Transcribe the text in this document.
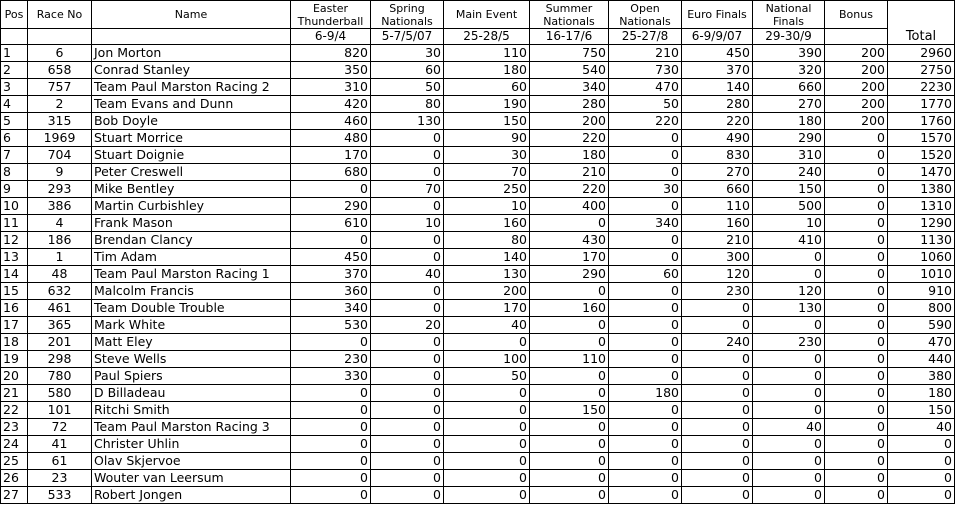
Pos	Race No	Name	Easter Thunderball	Spring Nationals	Main Event	Summer Nationals	Open Nationals	Euro Finals	National Finals	Bonus	Total
			6-9/4	5-7/5/07	25-28/5	16-17/6	25-27/8	6-9/9/07	29-30/9		
1	6	Jon Morton	820	30	110	750	210	450	390	200	2960
2	658	Conrad Stanley	350	60	180	540	730	370	320	200	2750
3	757	Team Paul Marston Racing 2	310	50	60	340	470	140	660	200	2230
4	2	Team Evans and Dunn	420	80	190	280	50	280	270	200	1770
5	315	Bob Doyle	460	130	150	200	220	220	180	200	1760
6	1969	Stuart Morrice	480	0	90	220	0	490	290	0	1570
7	704	Stuart Doignie	170	0	30	180	0	830	310	0	1520
8	9	Peter Creswell	680	0	70	210	0	270	240	0	1470
9	293	Mike Bentley	0	70	250	220	30	660	150	0	1380
10	386	Martin Curbishley	290	0	10	400	0	110	500	0	1310
11	4	Frank Mason	610	10	160	0	340	160	10	0	1290
12	186	Brendan Clancy	0	0	80	430	0	210	410	0	1130
13	1	Tim Adam	450	0	140	170	0	300	0	0	1060
14	48	Team Paul Marston Racing 1	370	40	130	290	60	120	0	0	1010
15	632	Malcolm Francis	360	0	200	0	0	230	120	0	910
16	461	Team Double Trouble	340	0	170	160	0	0	130	0	800
17	365	Mark White	530	20	40	0	0	0	0	0	590
18	201	Matt Eley	0	0	0	0	0	240	230	0	470
19	298	Steve Wells	230	0	100	110	0	0	0	0	440
20	780	Paul Spiers	330	0	50	0	0	0	0	0	380
21	580	D Billadeau	0	0	0	0	180	0	0	0	180
22	101	Ritchi Smith	0	0	0	150	0	0	0	0	150
23	72	Team Paul Marston Racing 3	0	0	0	0	0	0	40	0	40
24	41	Christer Uhlin	0	0	0	0	0	0	0	0	0
25	61	Olav Skjervoe	0	0	0	0	0	0	0	0	0
26	23	Wouter van Leersum	0	0	0	0	0	0	0	0	0
27	533	Robert Jongen	0	0	0	0	0	0	0	0	0
